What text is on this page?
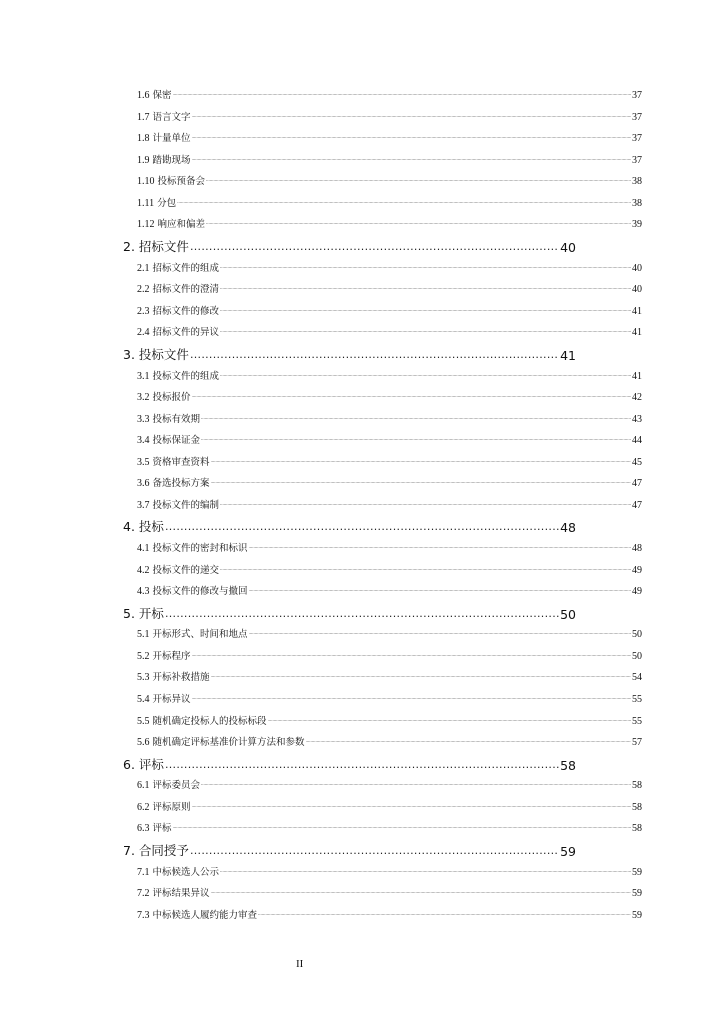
1.6 保密 .....	37
1.7 语言文字 .....	37
1.8 计量单位 .....	37
1.9 踏勘现场 .....	37
1.10 投标预备会 .....	38
1.11 分包 .....	38
1.12 响应和偏差 .....	39
2. 招标文件 .....	40
2.1 招标文件的组成 .....	40
2.2 招标文件的澄清 .....	40
2.3 招标文件的修改 .....	41
2.4 招标文件的异议 .....	41
3. 投标文件 .....	41
3.1 投标文件的组成 .....	41
3.2 投标报价 .....	42
3.3 投标有效期 .....	43
3.4 投标保证金 .....	44
3.5 资格审查资料 .....	45
3.6 备选投标方案 .....	47
3.7 投标文件的编制 .....	47
4. 投标 .....	48
4.1 投标文件的密封和标识 .....	48
4.2 投标文件的递交 .....	49
4.3 投标文件的修改与撤回 .....	49
5. 开标 .....	50
5.1 开标形式、时间和地点 .....	50
5.2 开标程序 .....	50
5.3 开标补救措施 .....	54
5.4 开标异议 .....	55
5.5 随机确定投标人的投标标段 .....	55
5.6 随机确定评标基准价计算方法和参数 .....	57
6. 评标 .....	58
6.1 评标委员会 .....	58
6.2 评标原则 .....	58
6.3 评标 .....	58
7. 合同授予 .....	59
7.1 中标候选人公示 .....	59
7.2 评标结果异议 .....	59
7.3 中标候选人履约能力审查 .....	59
II
